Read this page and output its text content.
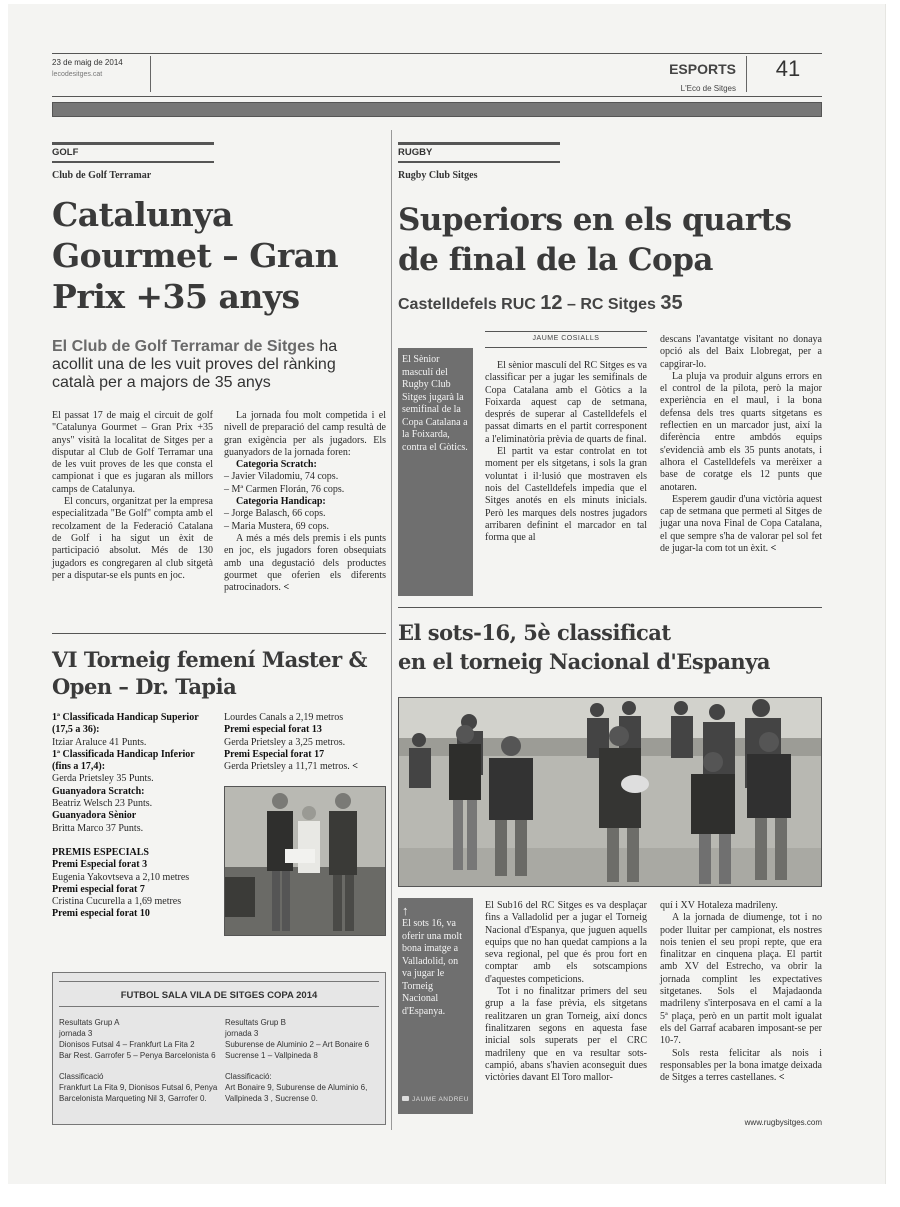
23 de maig de 2014
lecodesitges.cat	ESPORTS
L'Eco de Sitges
41
GOLF
Club de Golf Terramar
Catalunya
Gourmet – Gran
Prix +35 anys
El Club de Golf Terramar de Sitges ha
acollit una de les vuit proves del rànking
català per a majors de 35 anys

El passat 17 de maig el circuit de golf "Catalunya Gourmet – Gran Prix +35 anys" visità la localitat de Sitges per a disputar al Club de Golf Terramar una de les vuit proves de les que consta el campionat i que es jugaran als millors camps de Catalunya.

El concurs, organitzat per la empresa especialitzada "Be Golf" compta amb el recolzament de la Federació Catalana de Golf i ha sigut un èxit de participació absolut. Més de 130 jugadors es congregaren al club sitgetà per a disputar-se els punts en joc.

La jornada fou molt competida i el nivell de preparació del camp resultà de gran exigència per als jugadors. Els guanyadors de la jornada foren:

Categoria Scratch:
– Javier Viladomiu, 74 cops.
– Mª Carmen Florán, 76 cops.
Categoria Handicap:
– Jorge Balasch, 66 cops.
– Maria Mustera, 69 cops.

A més a més dels premis i els punts en joc, els jugadors foren obsequiats amb una degustació dels productes gourmet que oferien els diferents patrocinadors. <

VI Torneig femení Master &
Open – Dr. Tapia
1ª Classificada Handicap Superior (17,5 a 36):
Itziar Araluce 41 Punts.
1ª Classificada Handicap Inferior (fins a 17,4):
Gerda Prietsley 35 Punts.
Guanyadora Scratch:
Beatriz Welsch 23 Punts.
Guanyadora Sènior
Britta Marco 37 Punts.
PREMIS ESPECIALS
Premi Especial forat 3
Eugenia Yakovtseva a 2,10 metres
Premi especial forat 7
Cristina Cucurella a 1,69 metres
Premi especial forat 10
Lourdes Canals a 2,19 metros
Premi especial forat 13
Gerda Prietsley a 3,25 metros.
Premi Especial forat 17
Gerda Prietsley a 11,71 metros. <
FUTBOL SALA VILA DE SITGES COPA 2014
Resultats Grup A
jornada 3
Dionisos Futsal 4 – Frankfurt La Fita 2
Bar Rest. Garrofer 5 – Penya Barcelonista 6
Classificació
Frankfurt La Fita 9, Dionisos Futsal 6, Penya Barcelonista Marqueting Nil 3, Garrofer 0.
Resultats Grup B
jornada 3
Suburense de Aluminio 2 – Art Bonaire 6
Sucrense 1 – Vallpineda 8
Classificació:
Art Bonaire 9, Suburense de Aluminio 6, Vallpineda 3 , Sucrense 0.
RUGBY
Rugby Club Sitges
Superiors en els quarts
de final de la Copa
Castelldefels RUC 12 – RC Sitges 35
El Sènior masculí del Rugby Club Sitges jugarà la semifinal de la Copa Catalana a la Foixarda, contra el Gòtics.
JAUME COSIALLS

El sènior masculí del RC Sitges es va classificar per a jugar les semifinals de Copa Catalana amb el Gòtics a la Foixarda aquest cap de setmana, després de superar al Castelldefels el passat dimarts en el partit corresponent a l'eliminatòria prèvia de quarts de final.

El partit va estar controlat en tot moment per els sitgetans, i sols la gran voluntat i il·lusió que mostraven els nois del Castelldefels impedia que el Sitges anotés en els minuts inicials. Però les marques dels nostres jugadors arribaren definint el marcador en tal forma que al

descans l'avantatge visitant no donaya opció als del Baix Llobregat, per a capgirar-lo.

La pluja va produir alguns errors en el control de la pilota, però la major experiència en el maul, i la bona defensa dels tres quarts sitgetans es reflectien en un marcador just, així la diferència entre ambdós equips s'evidencià amb els 35 punts anotats, i alhora el Castelldefels va merèixer a base de coratge els 12 punts que anotaren.

Esperem gaudir d'una victòria aquest cap de setmana que permeti al Sitges de jugar una nova Final de Copa Catalana, el que sempre s'ha de valorar pel sol fet de jugar-la com tot un èxit. <

El sots-16, 5è classificat
en el torneig Nacional d'Espanya
↑
El sots 16, va oferir una molt bona imatge a Valladolid, on va jugar le Torneig Nacional d'Espanya.
JAUME ANDREU

El Sub16 del RC Sitges es va desplaçar fins a Valladolid per a jugar el Torneig Nacional d'Espanya, que juguen aquells equips que no han quedat campions a la seva regional, pel que és prou fort en comptar amb els sotscampions d'aquestes competicions.

Tot i no finalitzar primers del seu grup a la fase prèvia, els sitgetans realitzaren un gran Torneig, així doncs finalitzaren segons en aquesta fase inicial sols superats per el CRC madrileny que en va resultar sots-campió, abans s'havien aconseguit dues victòries davant El Toro mallor-

quí i XV Hotaleza madrileny.

A la jornada de diumenge, tot i no poder lluitar per campionat, els nostres nois tenien el seu propi repte, que era finalitzar en cinquena plaça. El partit amb XV del Estrecho, va obrir la jornada complint les expectatives sitgetanes. Sols el Majadaonda madrileny s'interposava en el camí a la 5ª plaça, però en un partit molt igualat els del Garraf acabaren imposant-se per 10-7.

Sols resta felicitar als nois i responsables per la bona imatge deixada de Sitges a terres castellanes. <

www.rugbysitges.com
